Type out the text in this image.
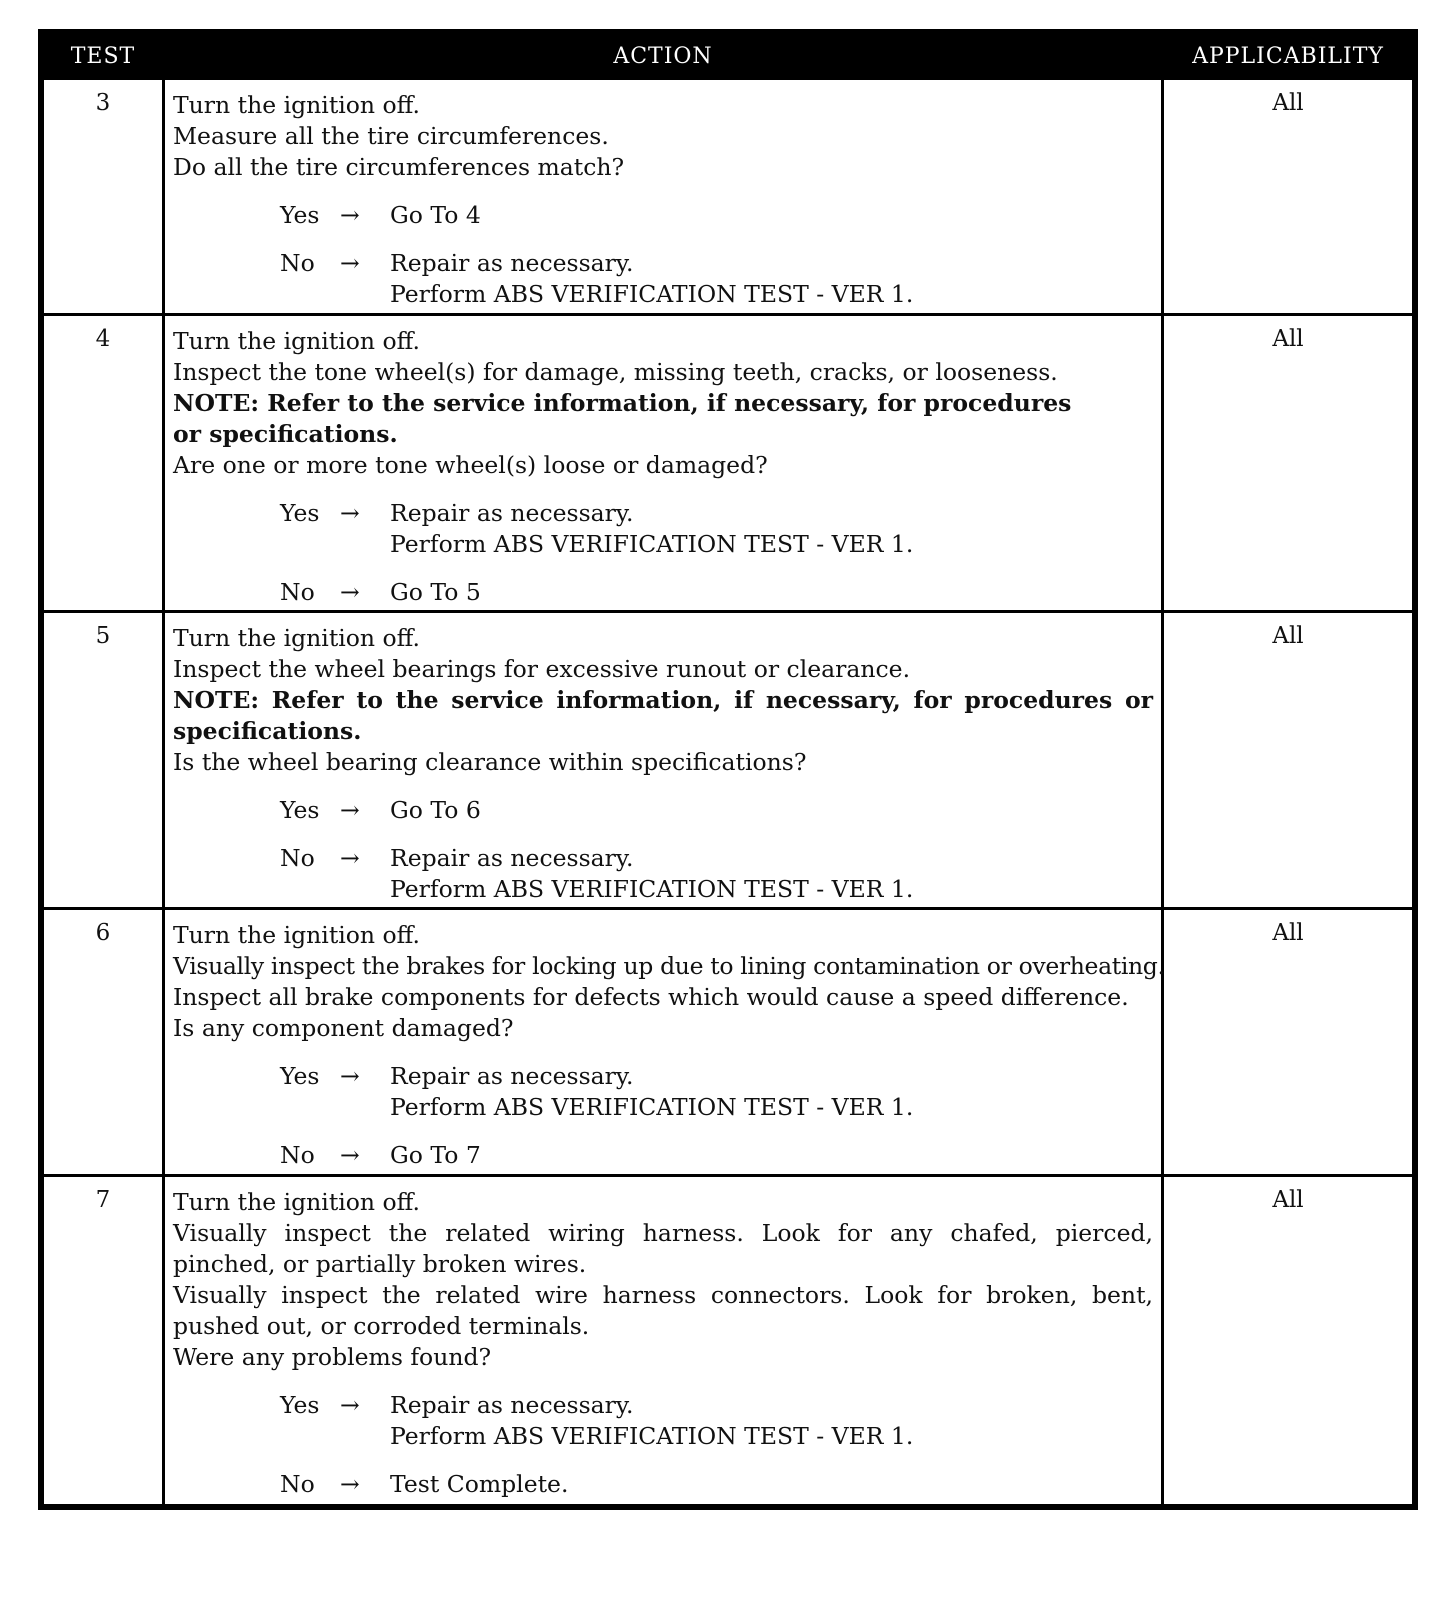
TEST	ACTION	APPLICABILITY
3	Turn the ignition off.
Measure all the tire circumferences.
Do all the tire circumferences match?
Yes →	Go To 4
No	→	Repair as necessary.
Perform ABS VERIFICATION TEST - VER 1.
All
4	Turn the ignition off.
Inspect the tone wheel(s) for damage, missing teeth, cracks, or looseness.
NOTE: Refer to the service information, if necessary, for procedures
or specifications.
Are one or more tone wheel(s) loose or damaged?
Yes →	Repair as necessary.
Perform ABS VERIFICATION TEST - VER 1.
No	→	Go To 5
All
5	Turn the ignition off.
Inspect the wheel bearings for excessive runout or clearance.
NOTE: Refer to the service information, if necessary, for procedures or specifications.
Is the wheel bearing clearance within specifications?
Yes →	Go To 6
No	→	Repair as necessary.
Perform ABS VERIFICATION TEST - VER 1.
All
6	Turn the ignition off.
Visually inspect the brakes for locking up due to lining contamination or overheating.
Inspect all brake components for defects which would cause a speed difference.
Is any component damaged?
Yes →	Repair as necessary.
Perform ABS VERIFICATION TEST - VER 1.
No	→	Go To 7
All
7	Turn the ignition off.
Visually inspect the related wiring harness. Look for any chafed, pierced, pinched, or partially broken wires.
Visually inspect the related wire harness connectors. Look for broken, bent, pushed out, or corroded terminals.
Were any problems found?
Yes →	Repair as necessary.
Perform ABS VERIFICATION TEST - VER 1.
No	→	Test Complete.
All
